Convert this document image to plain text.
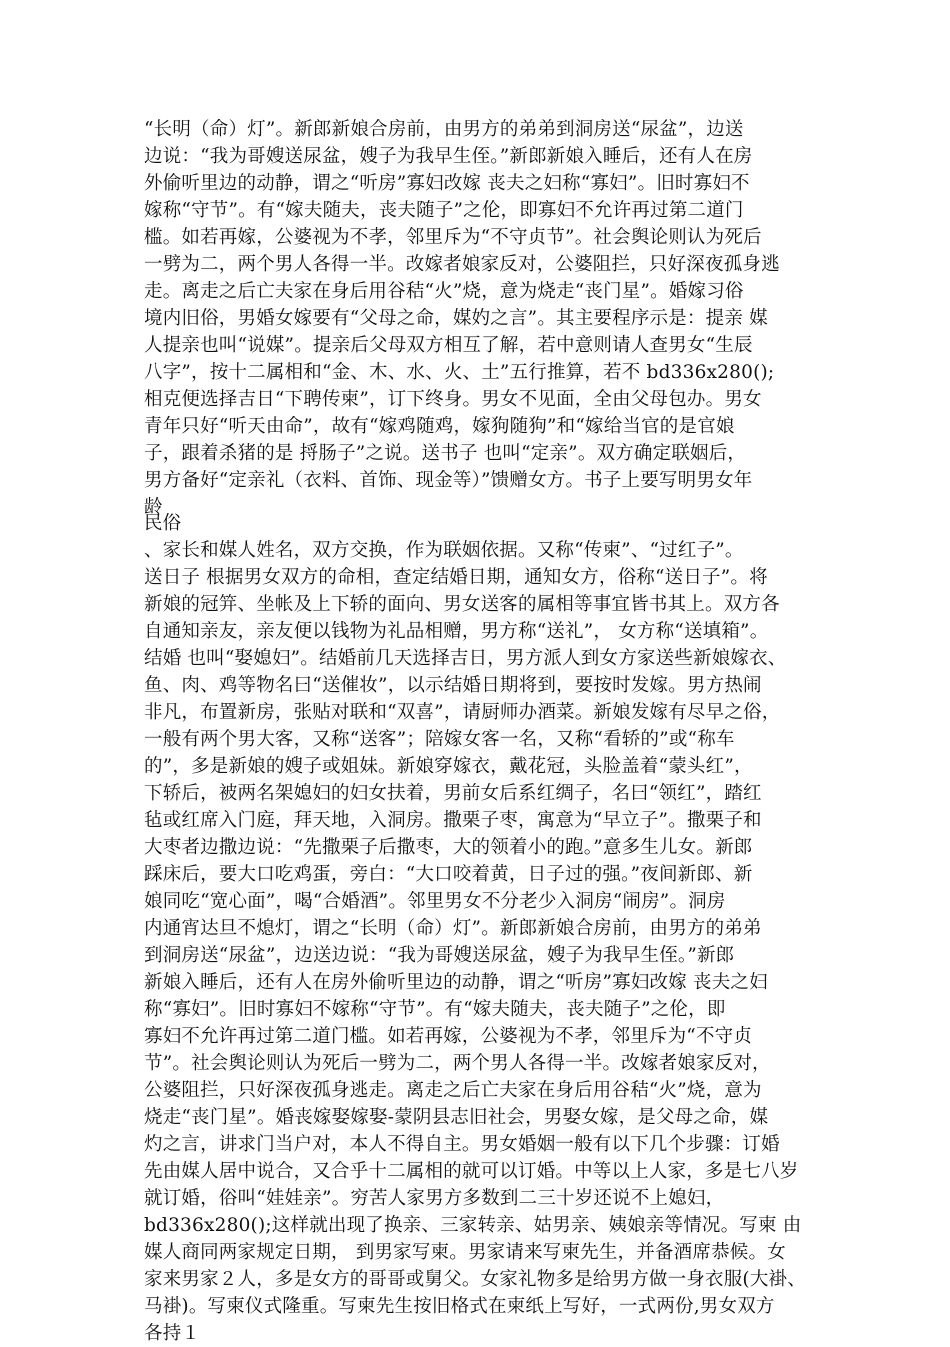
“长明（命）灯”。新郎新娘合房前，由男方的弟弟到洞房送“尿盆”，边送
边说：“我为哥嫂送尿盆，嫂子为我早生侄。”新郎新娘入睡后，还有人在房
外偷听里边的动静，谓之“听房”寡妇改嫁 丧夫之妇称“寡妇”。旧时寡妇不
嫁称“守节”。有“嫁夫随夫，丧夫随子”之伦，即寡妇不允许再过第二道门
槛。如若再嫁，公婆视为不孝，邻里斥为“不守贞节”。社会舆论则认为死后
一劈为二，两个男人各得一半。改嫁者娘家反对，公婆阻拦，只好深夜孤身逃
走。离走之后亡夫家在身后用谷秸“火”烧，意为烧走“丧门星”。婚嫁习俗
境内旧俗，男婚女嫁要有“父母之命，媒妁之言”。其主要程序示是：提亲 媒
人提亲也叫“说媒”。提亲后父母双方相互了解，若中意则请人查男女“生辰
八字”，按十二属相和“金、木、水、火、土”五行推算，若不 bd336x280();
相克便选择吉日“下聘传柬”，订下终身。男女不见面，全由父母包办。男女
青年只好“听天由命”，故有“嫁鸡随鸡，嫁狗随狗”和“嫁给当官的是官娘
子，跟着杀猪的是 捋肠子”之说。送书子 也叫“定亲”。双方确定联姻后，
男方备好“定亲礼（衣料、首饰、现金等）”馈赠女方。书子上要写明男女年
龄
民俗
、家长和媒人姓名，双方交换，作为联姻依据。又称“传柬”、“过红子”。
送日子 根据男女双方的命相，查定结婚日期，通知女方，俗称“送日子”。将
新娘的冠笄、坐帐及上下轿的面向、男女送客的属相等事宜皆书其上。双方各
自通知亲友，亲友便以钱物为礼品相赠，男方称“送礼”， 女方称“送填箱”。
结婚 也叫“娶媳妇”。结婚前几天选择吉日，男方派人到女方家送些新娘嫁衣、
鱼、肉、鸡等物名曰“送催妆”，以示结婚日期将到，要按时发嫁。男方热闹
非凡，布置新房，张贴对联和“双喜”，请厨师办酒菜。新娘发嫁有尽早之俗，
一般有两个男大客，又称“送客”；陪嫁女客一名，又称“看轿的”或“称车
的”，多是新娘的嫂子或姐妹。新娘穿嫁衣，戴花冠，头脸盖着“蒙头红”，
下轿后，被两名架媳妇的妇女扶着，男前女后系红绸子，名曰“领红”，踏红
毡或红席入门庭，拜天地，入洞房。撒栗子枣，寓意为“早立子”。撒栗子和
大枣者边撒边说：“先撒栗子后撒枣，大的领着小的跑。”意多生儿女。新郎
踩床后，要大口吃鸡蛋，旁白：“大口咬着黄，日子过的强。”夜间新郎、新
娘同吃“宽心面”，喝“合婚酒”。邻里男女不分老少入洞房“闹房”。洞房
内通宵达旦不熄灯，谓之“长明（命）灯”。新郎新娘合房前，由男方的弟弟
到洞房送“尿盆”，边送边说：“我为哥嫂送尿盆，嫂子为我早生侄。”新郎
新娘入睡后，还有人在房外偷听里边的动静，谓之“听房”寡妇改嫁 丧夫之妇
称“寡妇”。旧时寡妇不嫁称“守节”。有“嫁夫随夫，丧夫随子”之伦，即
寡妇不允许再过第二道门槛。如若再嫁，公婆视为不孝，邻里斥为“不守贞
节”。社会舆论则认为死后一劈为二，两个男人各得一半。改嫁者娘家反对，
公婆阻拦，只好深夜孤身逃走。离走之后亡夫家在身后用谷秸“火”烧，意为
烧走“丧门星”。婚丧嫁娶嫁娶-蒙阴县志旧社会，男娶女嫁，是父母之命，媒
灼之言，讲求门当户对，本人不得自主。男女婚姻一般有以下几个步骤：订婚
先由媒人居中说合，又合乎十二属相的就可以订婚。中等以上人家，多是七八岁
就订婚，俗叫“娃娃亲”。穷苦人家男方多数到二三十岁还说不上媳妇，
bd336x280();这样就出现了换亲、三家转亲、姑男亲、姨娘亲等情况。写柬 由
媒人商同两家规定日期， 到男家写柬。男家请来写柬先生，并备酒席恭候。女
家来男家２人，多是女方的哥哥或舅父。女家礼物多是给男方做一身衣服(大褂、
马褂)。写柬仪式隆重。写柬先生按旧格式在柬纸上写好，一式两份,男女双方
各持１
